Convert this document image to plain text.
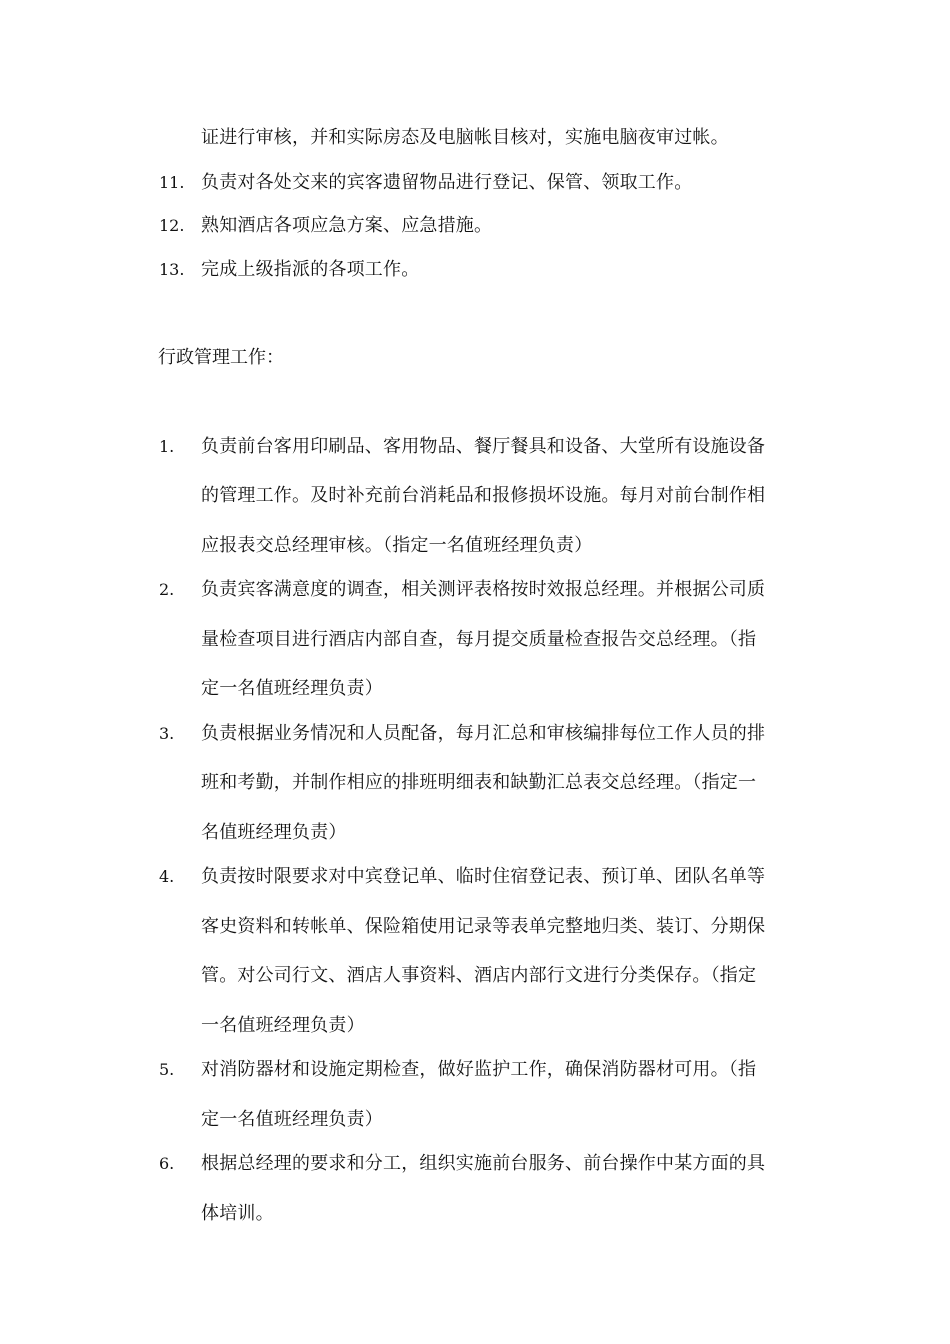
证进行审核，并和实际房态及电脑帐目核对，实施电脑夜审过帐。
11. 负责对各处交来的宾客遗留物品进行登记、保管、领取工作。
12. 熟知酒店各项应急方案、应急措施。
13. 完成上级指派的各项工作。
行政管理工作：
1. 负责前台客用印刷品、客用物品、餐厅餐具和设备、大堂所有设施设备
的管理工作。及时补充前台消耗品和报修损坏设施。每月对前台制作相
应报表交总经理审核。（指定一名值班经理负责）
2. 负责宾客满意度的调查，相关测评表格按时效报总经理。并根据公司质
量检查项目进行酒店内部自查，每月提交质量检查报告交总经理。（指
定一名值班经理负责）
3. 负责根据业务情况和人员配备，每月汇总和审核编排每位工作人员的排
班和考勤，并制作相应的排班明细表和缺勤汇总表交总经理。（指定一
名值班经理负责）
4. 负责按时限要求对中宾登记单、临时住宿登记表、预订单、团队名单等
客史资料和转帐单、保险箱使用记录等表单完整地归类、装订、分期保
管。对公司行文、酒店人事资料、酒店内部行文进行分类保存。（指定
一名值班经理负责）
5. 对消防器材和设施定期检查，做好监护工作，确保消防器材可用。（指
定一名值班经理负责）
6. 根据总经理的要求和分工，组织实施前台服务、前台操作中某方面的具
体培训。
